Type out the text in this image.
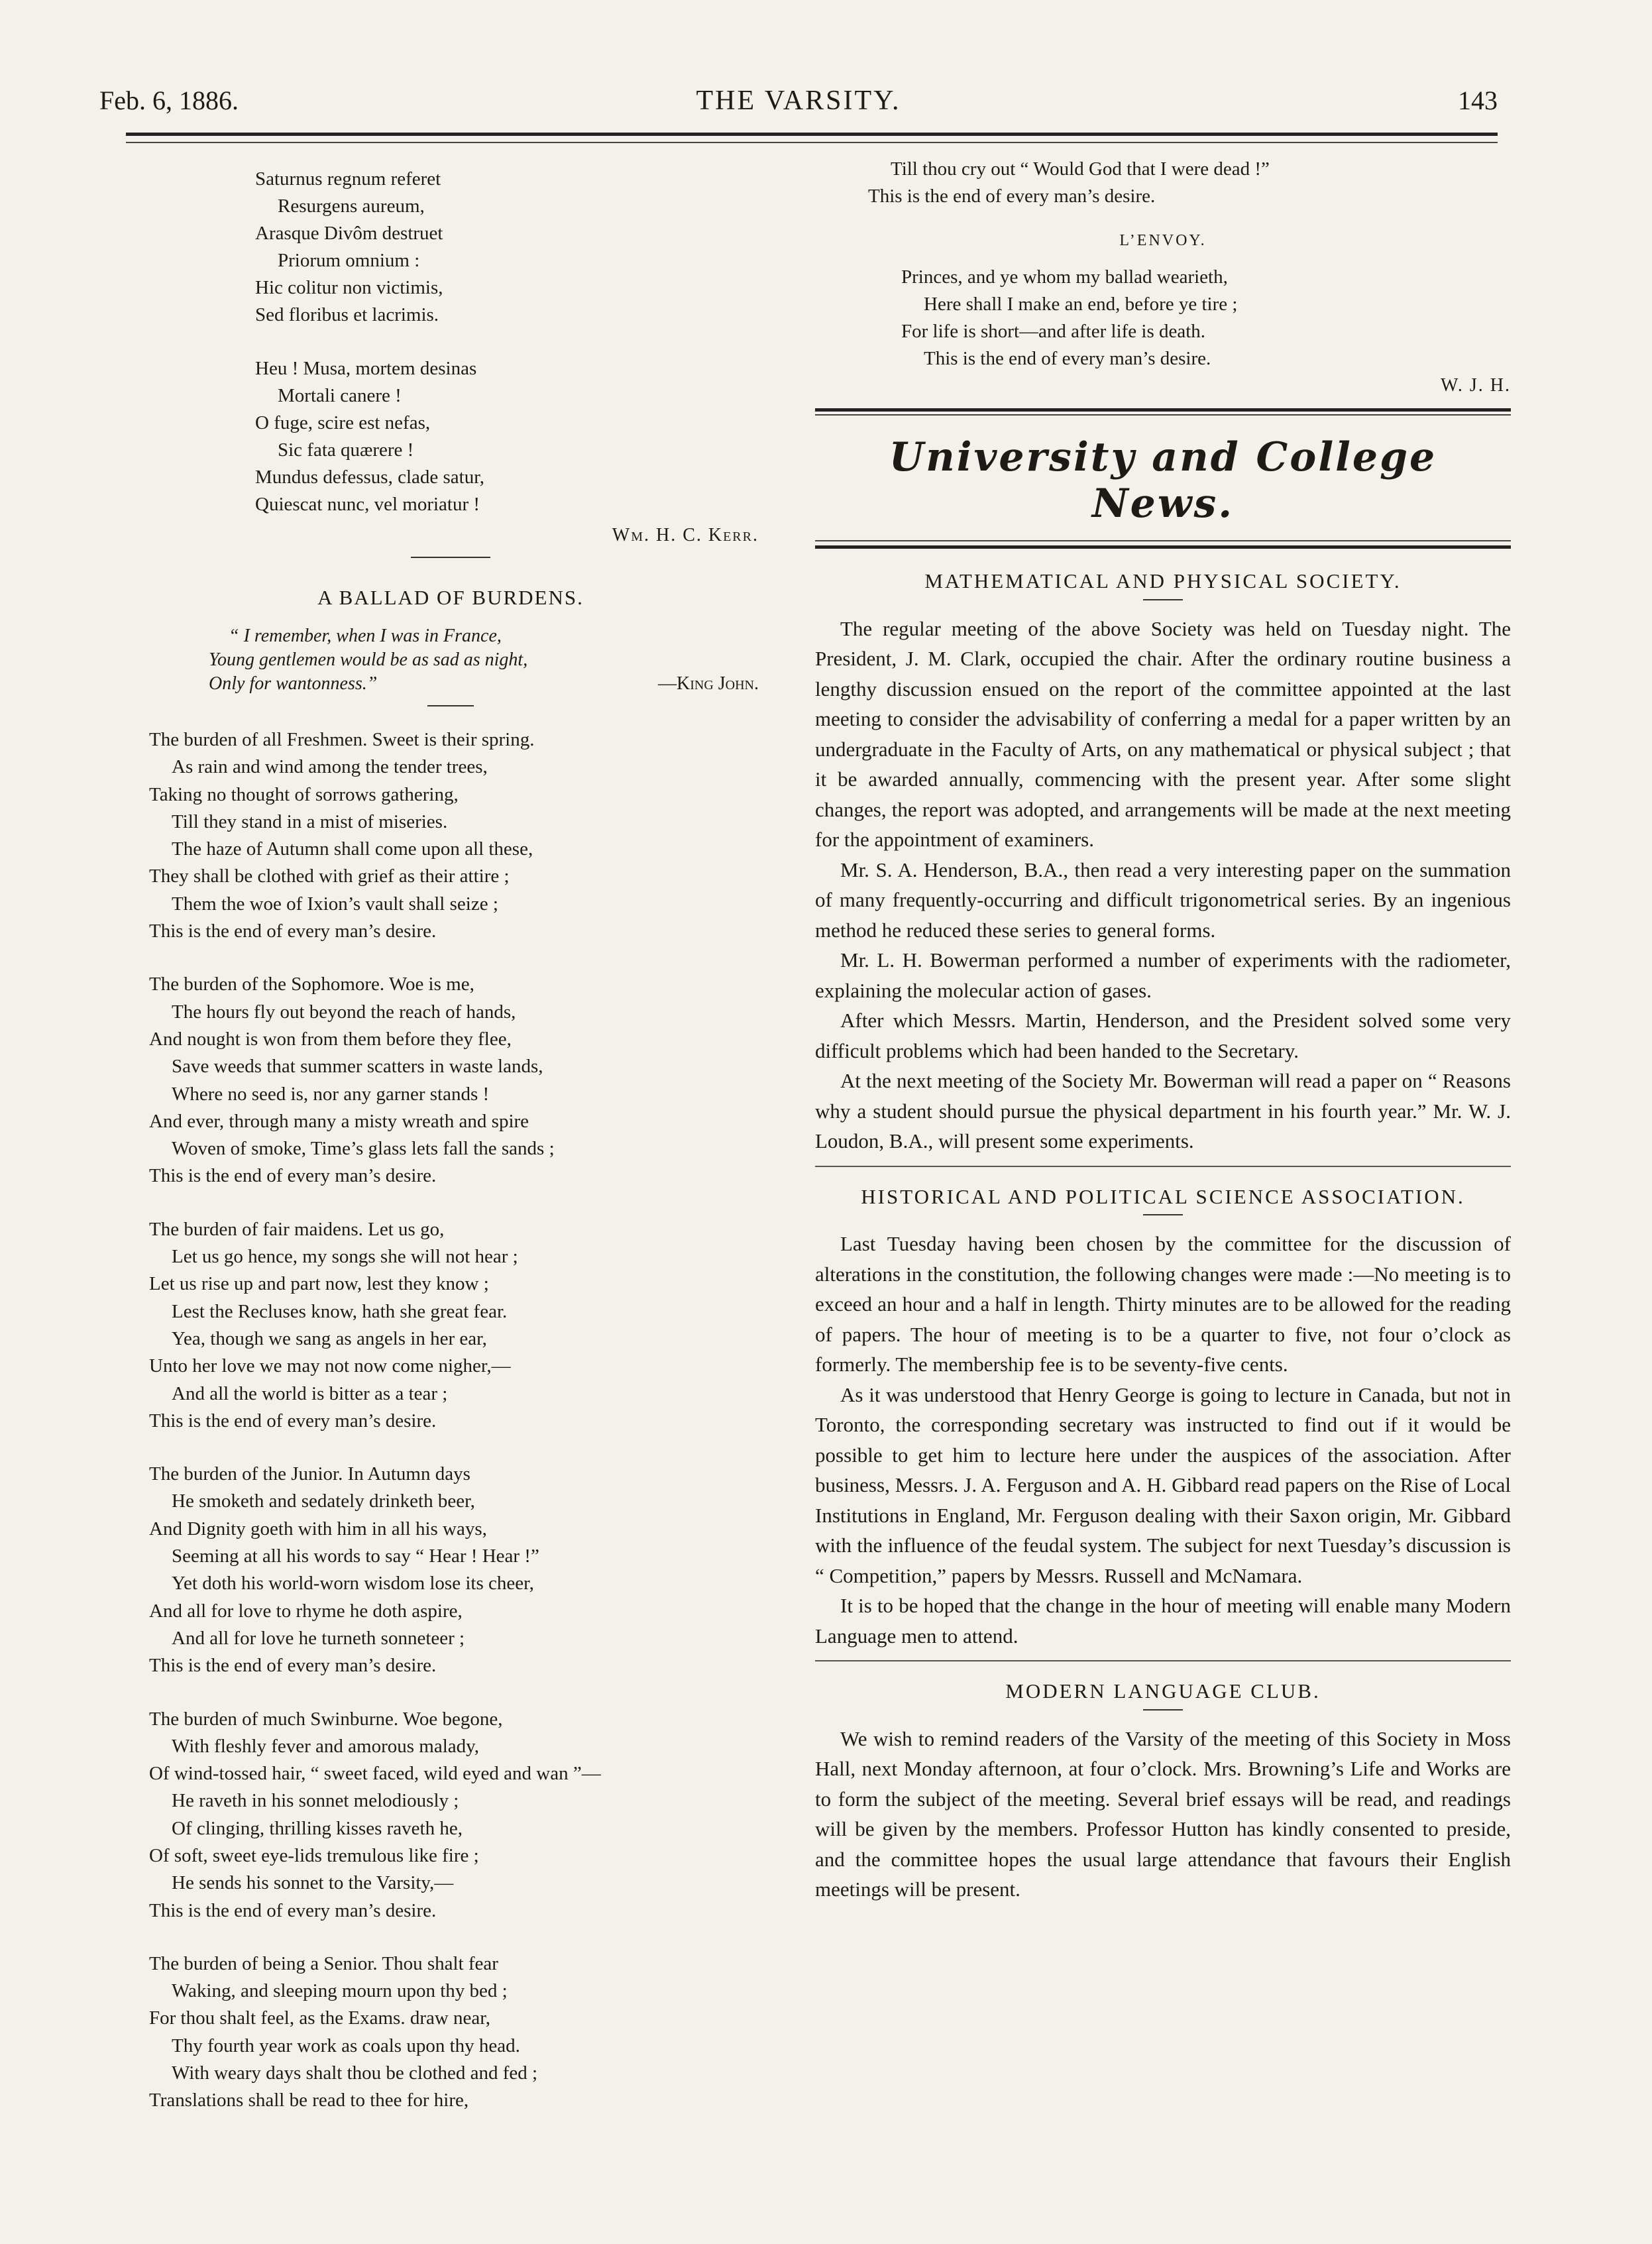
Feb. 6, 1886.	THE VARSITY.	143

Saturnus regnum referet

Resurgens aureum,

Arasque Divôm destruet

Priorum omnium :

Hic colitur non victimis,

Sed floribus et lacrimis.

Heu ! Musa, mortem desinas

Mortali canere !

O fuge, scire est nefas,

Sic fata quærere !

Mundus defessus, clade satur,

Quiescat nunc, vel moriatur !

Wm. H. C. Kerr.
A BALLAD OF BURDENS.
“ I remember, when I was in France,
Young gentlemen would be as sad as night,
Only for wantonness.”	—King John.

The burden of all Freshmen. Sweet is their spring.

As rain and wind among the tender trees,

Taking no thought of sorrows gathering,

Till they stand in a mist of miseries.

The haze of Autumn shall come upon all these,

They shall be clothed with grief as their attire ;

Them the woe of Ixion’s vault shall seize ;

This is the end of every man’s desire.

The burden of the Sophomore. Woe is me,

The hours fly out beyond the reach of hands,

And nought is won from them before they flee,

Save weeds that summer scatters in waste lands,

Where no seed is, nor any garner stands !

And ever, through many a misty wreath and spire

Woven of smoke, Time’s glass lets fall the sands ;

This is the end of every man’s desire.

The burden of fair maidens. Let us go,

Let us go hence, my songs she will not hear ;

Let us rise up and part now, lest they know ;

Lest the Recluses know, hath she great fear.

Yea, though we sang as angels in her ear,

Unto her love we may not now come nigher,—

And all the world is bitter as a tear ;

This is the end of every man’s desire.

The burden of the Junior. In Autumn days

He smoketh and sedately drinketh beer,

And Dignity goeth with him in all his ways,

Seeming at all his words to say “ Hear ! Hear !”

Yet doth his world-worn wisdom lose its cheer,

And all for love to rhyme he doth aspire,

And all for love he turneth sonneteer ;

This is the end of every man’s desire.

The burden of much Swinburne. Woe begone,

With fleshly fever and amorous malady,

Of wind-tossed hair, “ sweet faced, wild eyed and wan ”—

He raveth in his sonnet melodiously ;

Of clinging, thrilling kisses raveth he,

Of soft, sweet eye-lids tremulous like fire ;

He sends his sonnet to the Varsity,—

This is the end of every man’s desire.

The burden of being a Senior. Thou shalt fear

Waking, and sleeping mourn upon thy bed ;

For thou shalt feel, as the Exams. draw near,

Thy fourth year work as coals upon thy head.

With weary days shalt thou be clothed and fed ;

Translations shall be read to thee for hire,

Till thou cry out “ Would God that I were dead !”

This is the end of every man’s desire.

L’ENVOY.

Princes, and ye whom my ballad wearieth,

Here shall I make an end, before ye tire ;

For life is short—and after life is death.

This is the end of every man’s desire.

W. J. H.
University and College News.
MATHEMATICAL AND PHYSICAL SOCIETY.

The regular meeting of the above Society was held on Tuesday night. The President, J. M. Clark, occupied the chair. After the ordinary routine business a lengthy discussion ensued on the report of the committee appointed at the last meeting to consider the advisability of conferring a medal for a paper written by an undergraduate in the Faculty of Arts, on any mathematical or physical subject ; that it be awarded annually, commencing with the present year. After some slight changes, the report was adopted, and arrangements will be made at the next meeting for the appointment of examiners.

Mr. S. A. Henderson, B.A., then read a very interesting paper on the summation of many frequently-occurring and difficult trigonometrical series. By an ingenious method he reduced these series to general forms.

Mr. L. H. Bowerman performed a number of experiments with the radiometer, explaining the molecular action of gases.

After which Messrs. Martin, Henderson, and the President solved some very difficult problems which had been handed to the Secretary.

At the next meeting of the Society Mr. Bowerman will read a paper on “ Reasons why a student should pursue the physical department in his fourth year.” Mr. W. J. Loudon, B.A., will present some experiments.

HISTORICAL AND POLITICAL SCIENCE ASSOCIATION.

Last Tuesday having been chosen by the committee for the discussion of alterations in the constitution, the following changes were made :—No meeting is to exceed an hour and a half in length. Thirty minutes are to be allowed for the reading of papers. The hour of meeting is to be a quarter to five, not four o’clock as formerly. The membership fee is to be seventy-five cents.

As it was understood that Henry George is going to lecture in Canada, but not in Toronto, the corresponding secretary was instructed to find out if it would be possible to get him to lecture here under the auspices of the association. After business, Messrs. J. A. Ferguson and A. H. Gibbard read papers on the Rise of Local Institutions in England, Mr. Ferguson dealing with their Saxon origin, Mr. Gibbard with the influence of the feudal system. The subject for next Tuesday’s discussion is “ Competition,” papers by Messrs. Russell and McNamara.

It is to be hoped that the change in the hour of meeting will enable many Modern Language men to attend.

MODERN LANGUAGE CLUB.

We wish to remind readers of the Varsity of the meeting of this Society in Moss Hall, next Monday afternoon, at four o’clock. Mrs. Browning’s Life and Works are to form the subject of the meeting. Several brief essays will be read, and readings will be given by the members. Professor Hutton has kindly consented to preside, and the committee hopes the usual large attendance that favours their English meetings will be present.
